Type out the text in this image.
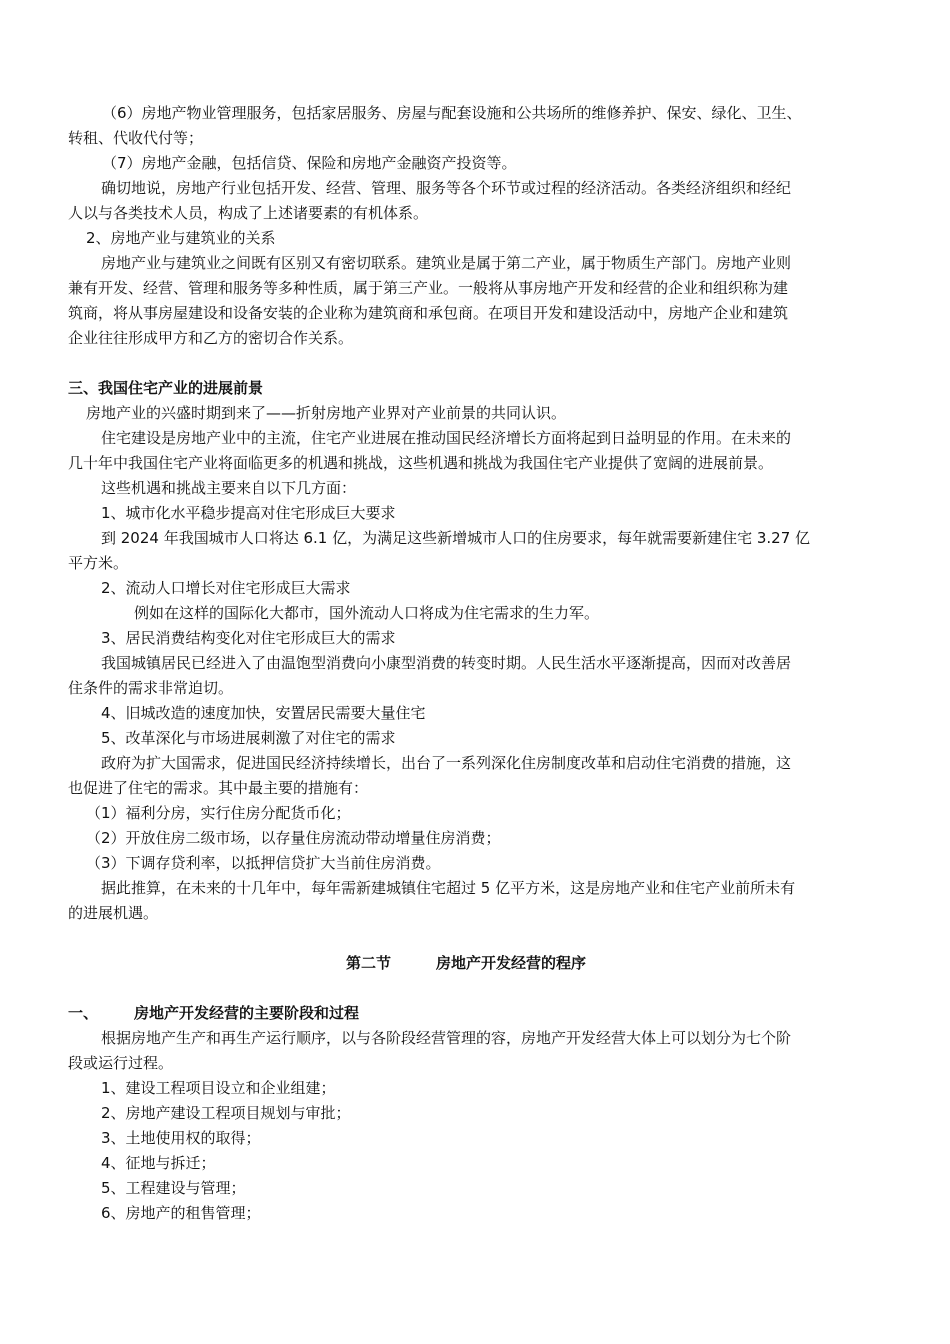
（6）房地产物业管理服务，包括家居服务、房屋与配套设施和公共场所的维修养护、保安、绿化、卫生、
转租、代收代付等；
（7）房地产金融，包括信贷、保险和房地产金融资产投资等。
确切地说，房地产行业包括开发、经营、管理、服务等各个环节或过程的经济活动。各类经济组织和经纪
人以与各类技术人员，构成了上述诸要素的有机体系。
2、房地产业与建筑业的关系
房地产业与建筑业之间既有区别又有密切联系。建筑业是属于第二产业，属于物质生产部门。房地产业则
兼有开发、经营、管理和服务等多种性质，属于第三产业。一般将从事房地产开发和经营的企业和组织称为建
筑商，将从事房屋建设和设备安装的企业称为建筑商和承包商。在项目开发和建设活动中，房地产企业和建筑
企业往往形成甲方和乙方的密切合作关系。
三、我国住宅产业的进展前景
房地产业的兴盛时期到来了——折射房地产业界对产业前景的共同认识。
住宅建设是房地产业中的主流，住宅产业进展在推动国民经济增长方面将起到日益明显的作用。在未来的
几十年中我国住宅产业将面临更多的机遇和挑战，这些机遇和挑战为我国住宅产业提供了宽阔的进展前景。
这些机遇和挑战主要来自以下几方面：
1、城市化水平稳步提高对住宅形成巨大要求
到 2024 年我国城市人口将达 6.1 亿，为满足这些新增城市人口的住房要求，每年就需要新建住宅 3.27 亿
平方米。
2、流动人口增长对住宅形成巨大需求
例如在这样的国际化大都市，国外流动人口将成为住宅需求的生力军。
3、居民消费结构变化对住宅形成巨大的需求
我国城镇居民已经进入了由温饱型消费向小康型消费的转变时期。人民生活水平逐渐提高，因而对改善居
住条件的需求非常迫切。
4、旧城改造的速度加快，安置居民需要大量住宅
5、改革深化与市场进展刺激了对住宅的需求
政府为扩大国需求，促进国民经济持续增长，出台了一系列深化住房制度改革和启动住宅消费的措施，这
也促进了住宅的需求。其中最主要的措施有：
（1）福利分房，实行住房分配货币化；
（2）开放住房二级市场，以存量住房流动带动增量住房消费；
（3）下调存贷利率，以抵押信贷扩大当前住房消费。
据此推算，在未来的十几年中，每年需新建城镇住宅超过 5 亿平方米，这是房地产业和住宅产业前所未有
的进展机遇。
第二节	房地产开发经营的程序
一、 房地产开发经营的主要阶段和过程
根据房地产生产和再生产运行顺序，以与各阶段经营管理的容，房地产开发经营大体上可以划分为七个阶
段或运行过程。
1、建设工程项目设立和企业组建；
2、房地产建设工程项目规划与审批；
3、土地使用权的取得；
4、征地与拆迁；
5、工程建设与管理；
6、房地产的租售管理；
